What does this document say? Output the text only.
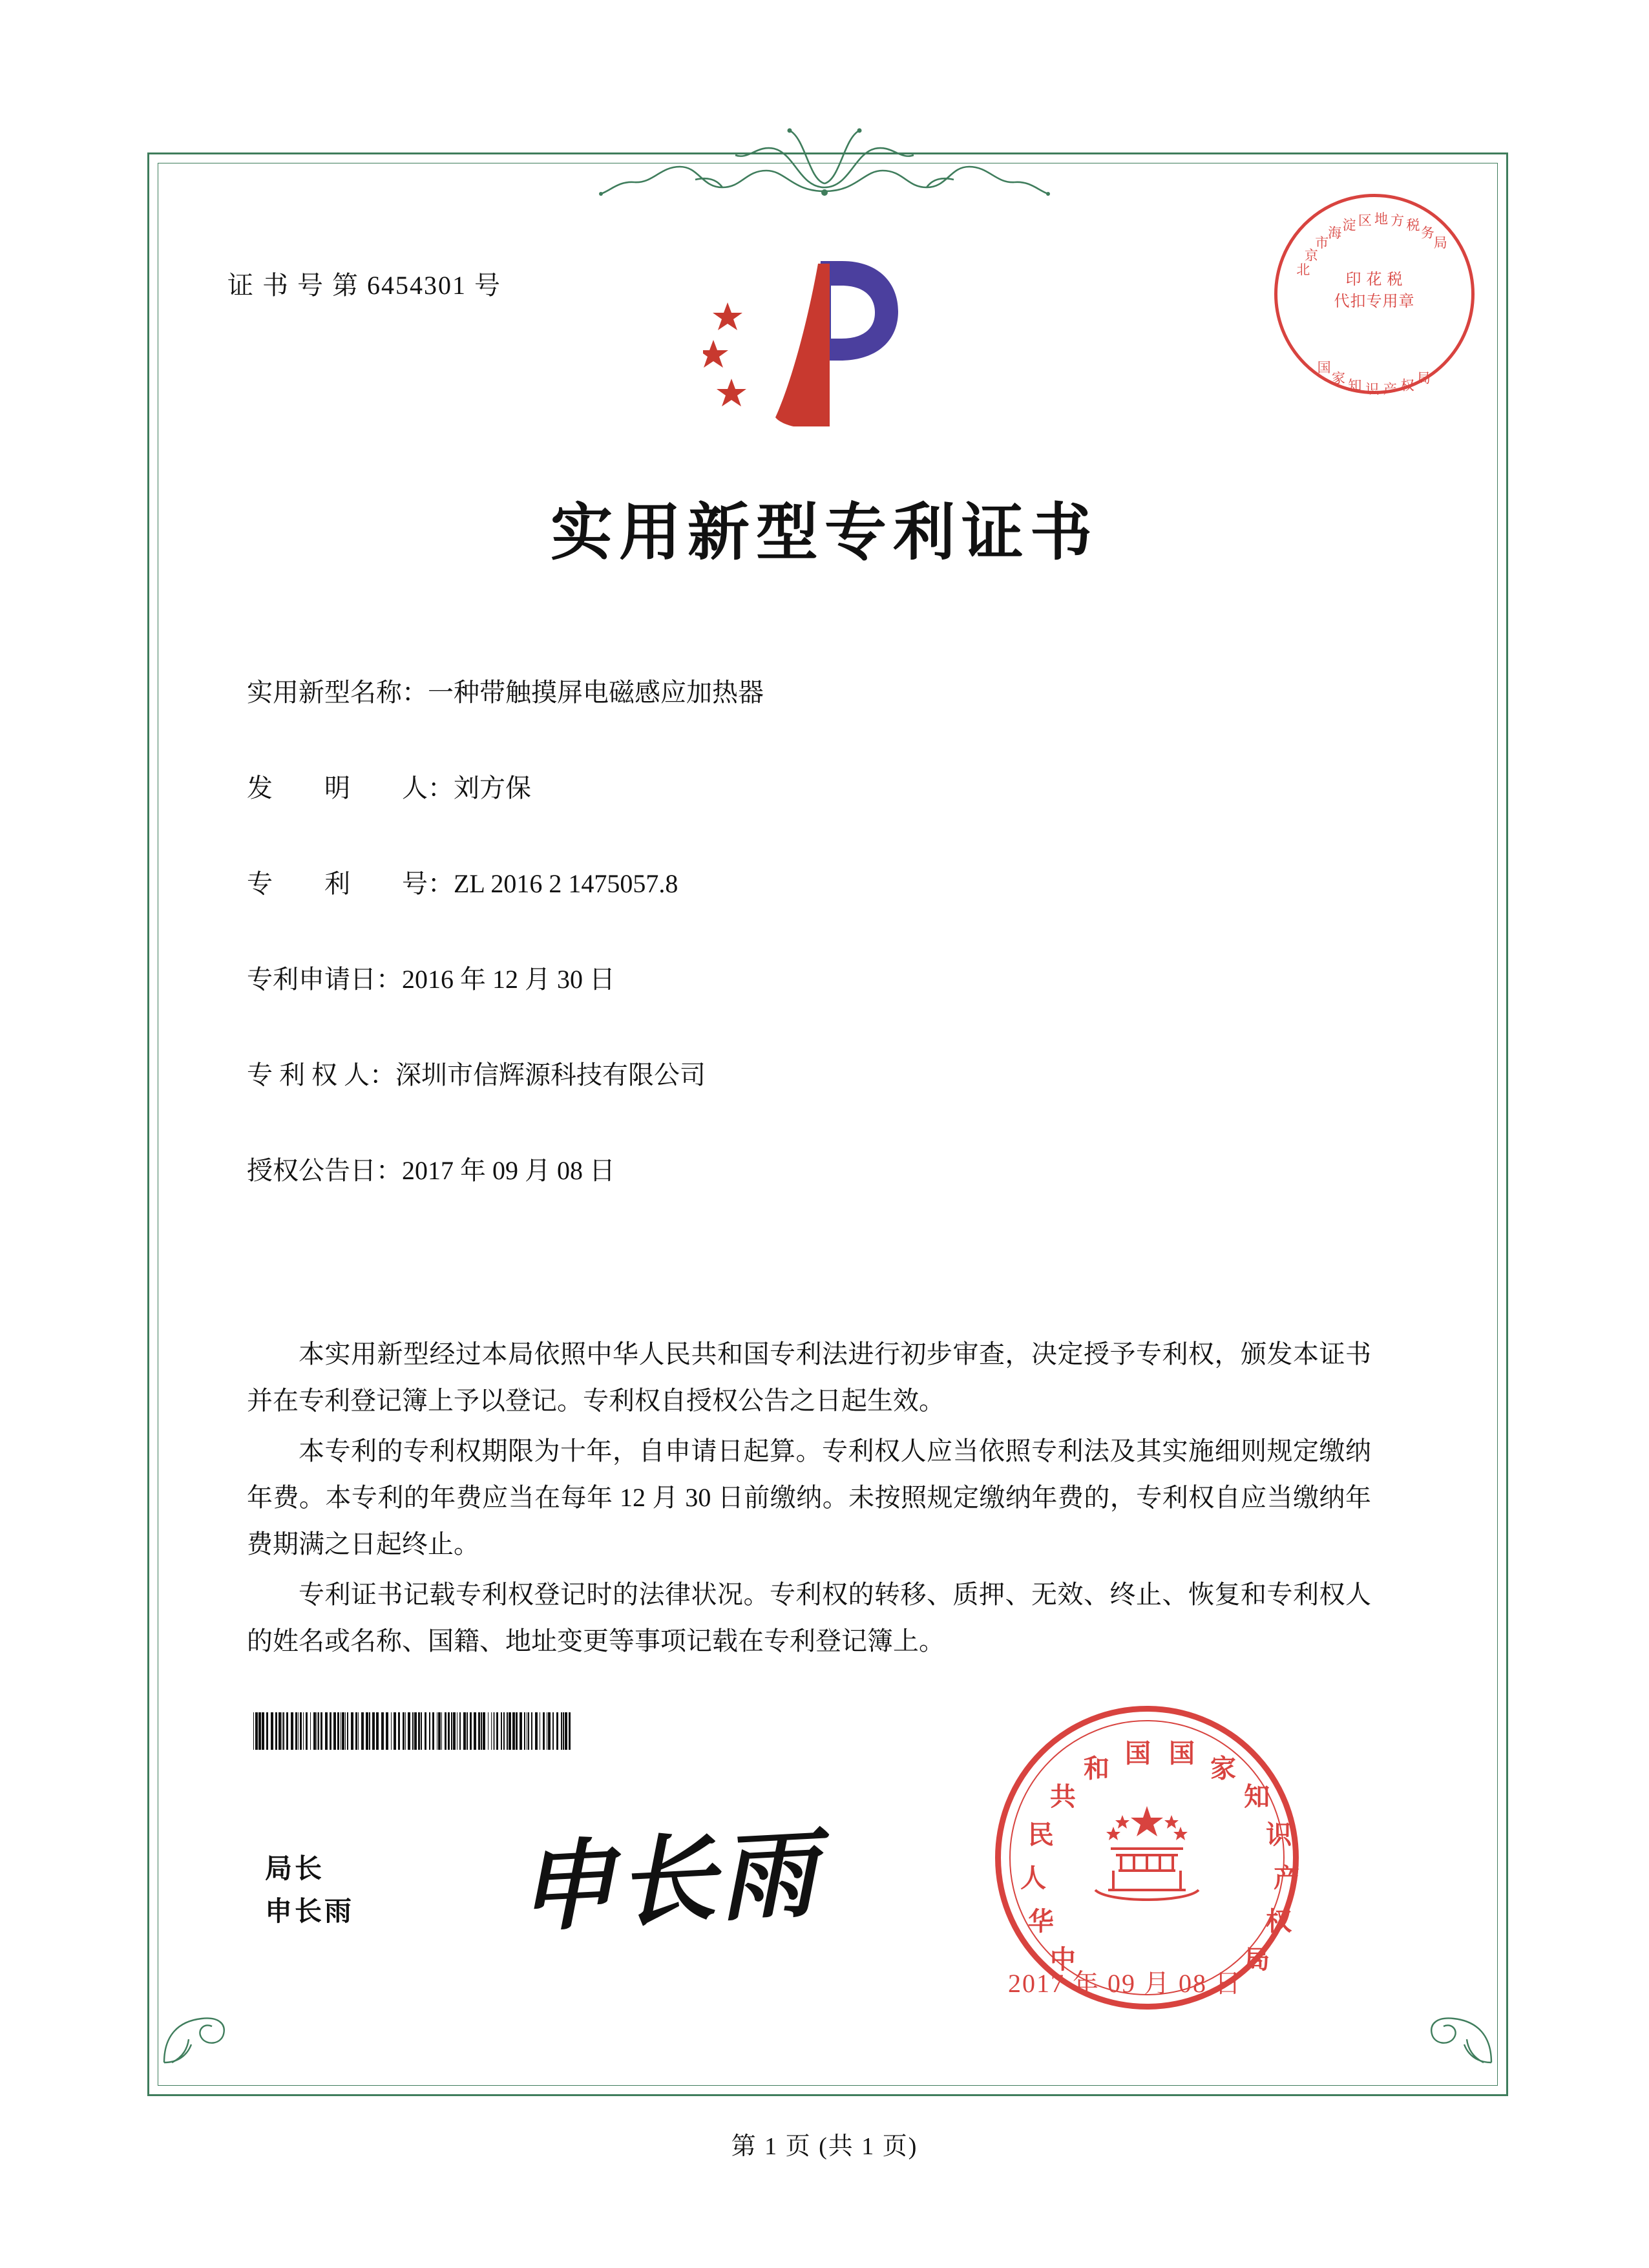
证 书 号 第 6454301 号
北
京
市
海 淀 区 地 方 税 务
局
国
家 知 识 产 权 局
印 花 税
代扣专用章
实用新型专利证书
实用新型名称：一种带触摸屏电磁感应加热器
发　　明　　人：刘方保
专　　利　　号：ZL 2016 2 1475057.8
专利申请日：2016 年 12 月 30 日
专 利 权 人：深圳市信辉源科技有限公司
授权公告日：2017 年 09 月 08 日

本实用新型经过本局依照中华人民共和国专利法进行初步审查，决定授予专利权，颁发本证书并在专利登记簿上予以登记。专利权自授权公告之日起生效。

本专利的专利权期限为十年，自申请日起算。专利权人应当依照专利法及其实施细则规定缴纳年费。本专利的年费应当在每年 12 月 30 日前缴纳。未按照规定缴纳年费的，专利权自应当缴纳年费期满之日起终止。

专利证书记载专利权登记时的法律状况。专利权的转移、质押、无效、终止、恢复和专利权人的姓名或名称、国籍、地址变更等事项记载在专利登记簿上。

局长
申长雨 申长雨
中
华
人
民
共
和
国 国
家
知
识
产
权
局
2017 年 09 月 08 日
第 1 页 (共 1 页)
